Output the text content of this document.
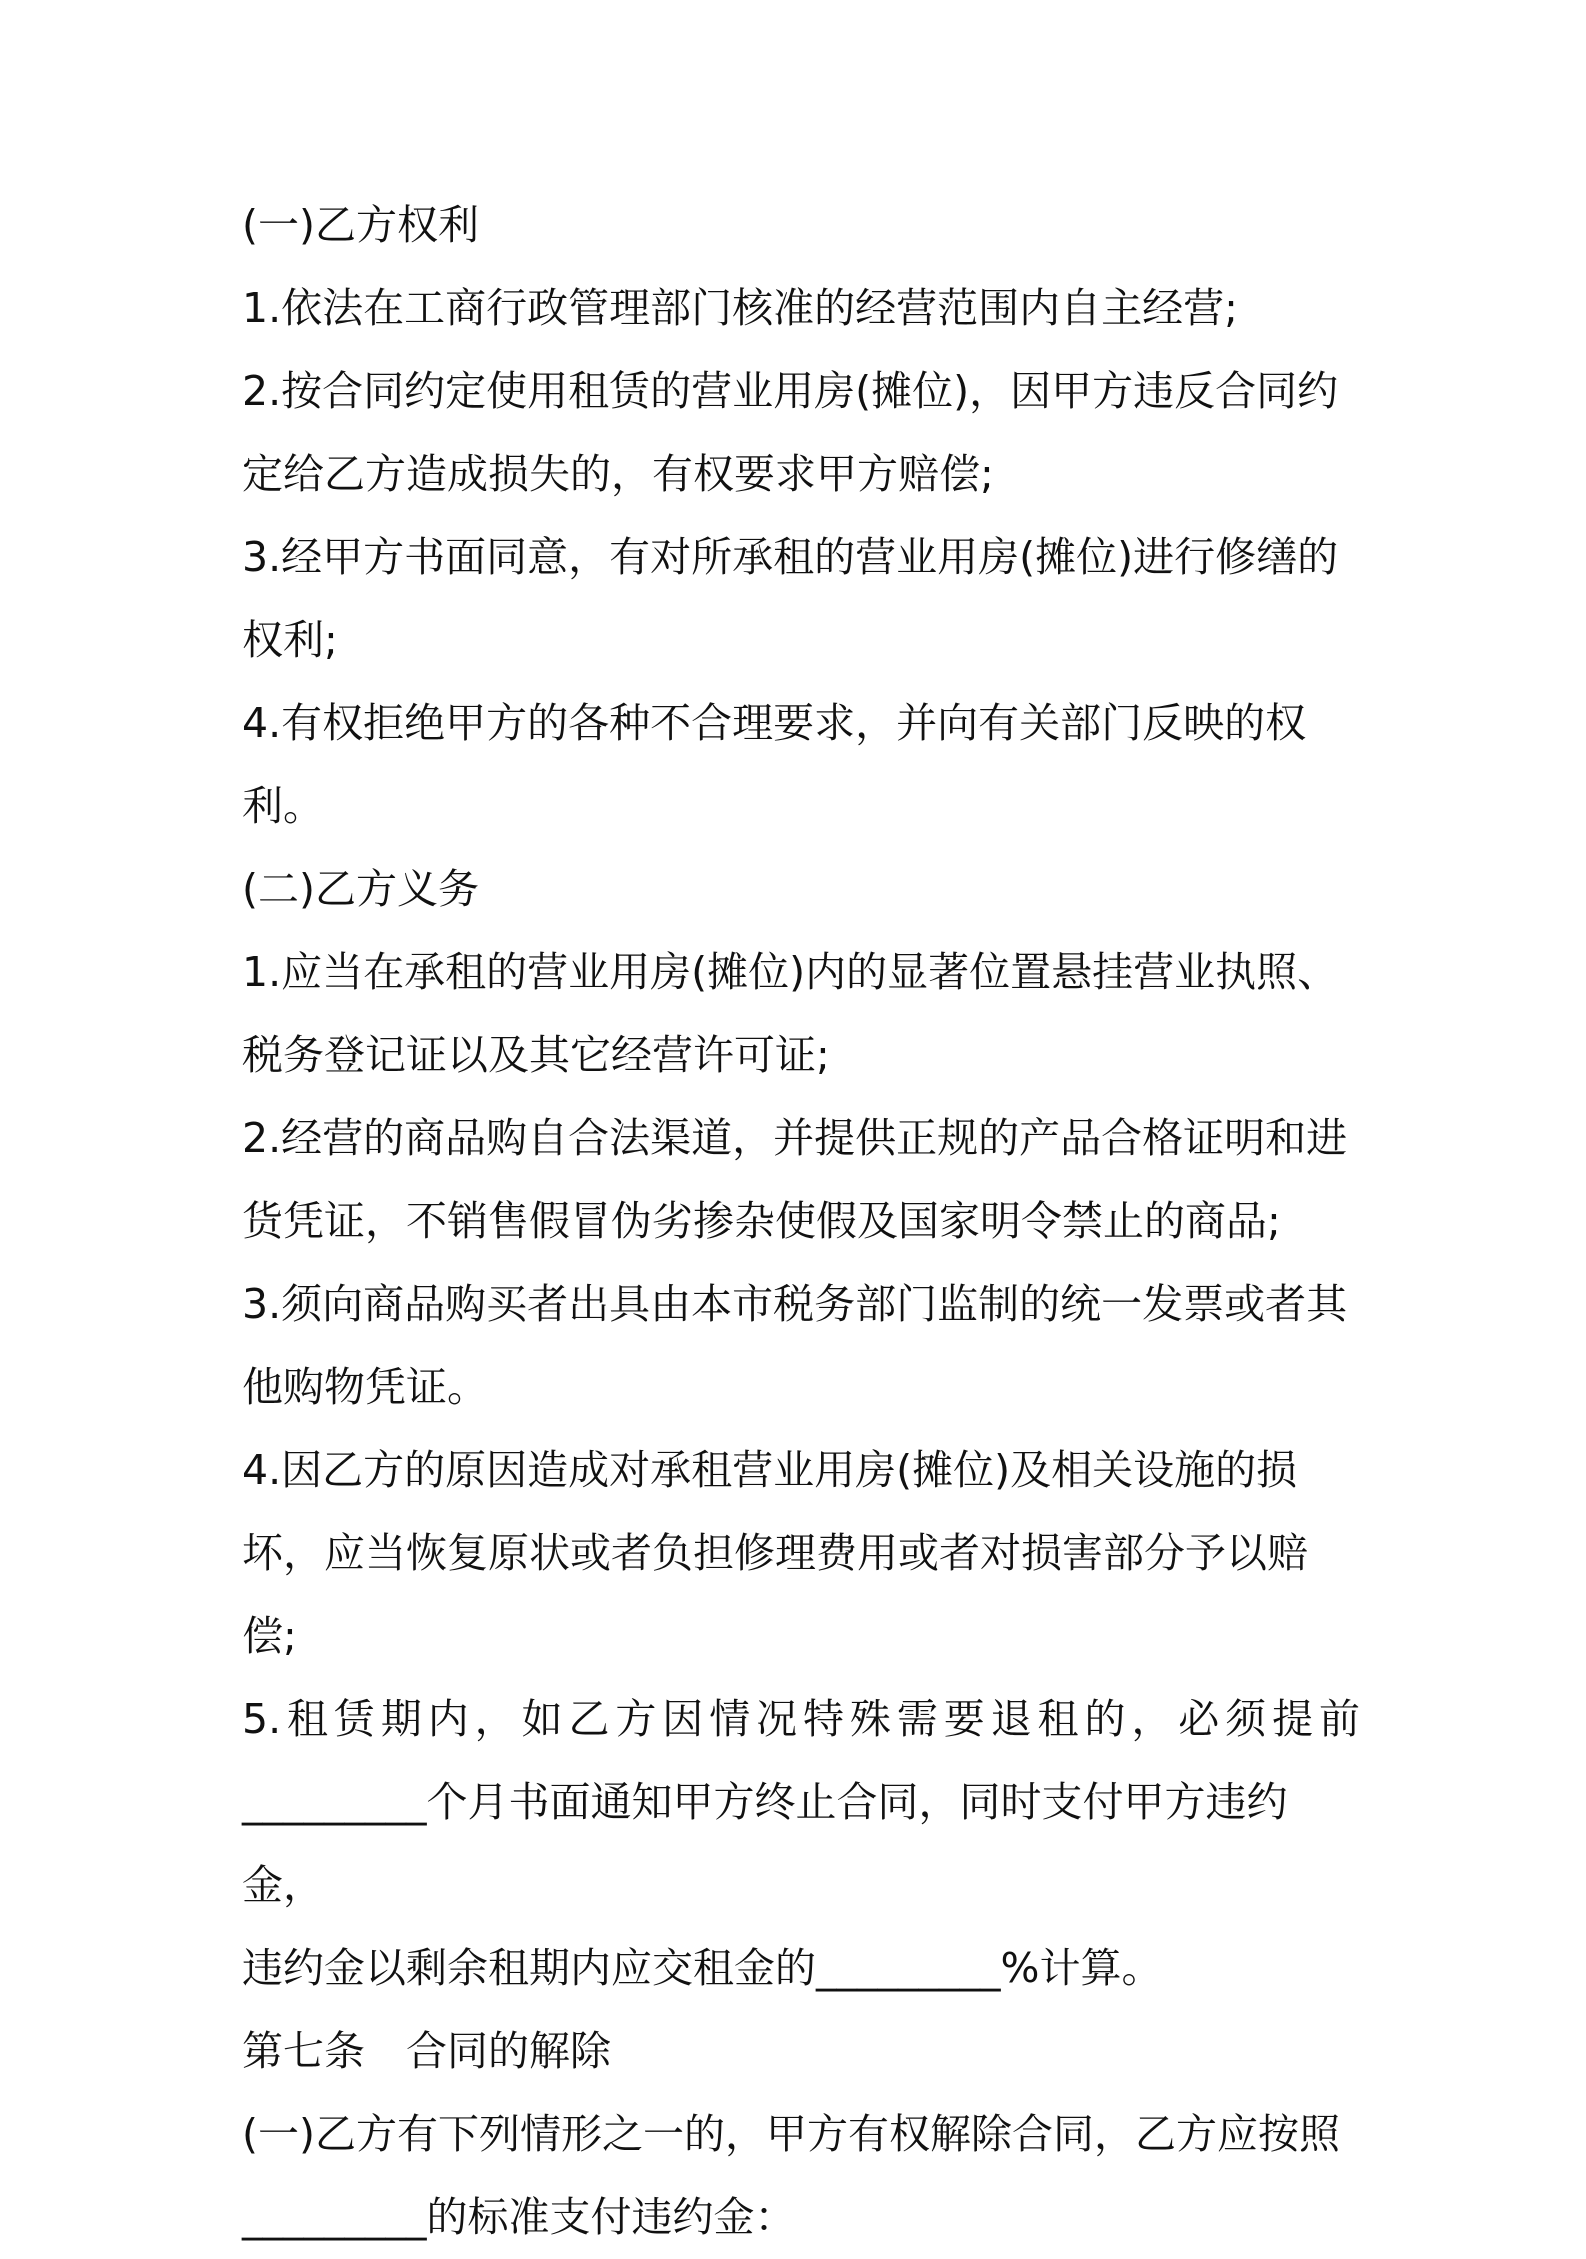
(一)乙方权利

1.依法在工商行政管理部门核准的经营范围内自主经营;

2.按合同约定使用租赁的营业用房(摊位)，因甲方违反合同约定给乙方造成损失的，有权要求甲方赔偿;

3.经甲方书面同意，有对所承租的营业用房(摊位)进行修缮的权利;

4.有权拒绝甲方的各种不合理要求，并向有关部门反映的权利。

(二)乙方义务

1.应当在承租的营业用房(摊位)内的显著位置悬挂营业执照、税务登记证以及其它经营许可证;

2.经营的商品购自合法渠道，并提供正规的产品合格证明和进货凭证，不销售假冒伪劣掺杂使假及国家明令禁止的商品;

3.须向商品购买者出具由本市税务部门监制的统一发票或者其他购物凭证。

4.因乙方的原因造成对承租营业用房(摊位)及相关设施的损坏，应当恢复原状或者负担修理费用或者对损害部分予以赔偿;

5.租赁期内，如乙方因情况特殊需要退租的，必须提前

_________个月书面通知甲方终止合同，同时支付甲方违约金，

违约金以剩余租期内应交租金的_________%计算。

第七条　合同的解除

(一)乙方有下列情形之一的，甲方有权解除合同，乙方应按照_________的标准支付违约金：
